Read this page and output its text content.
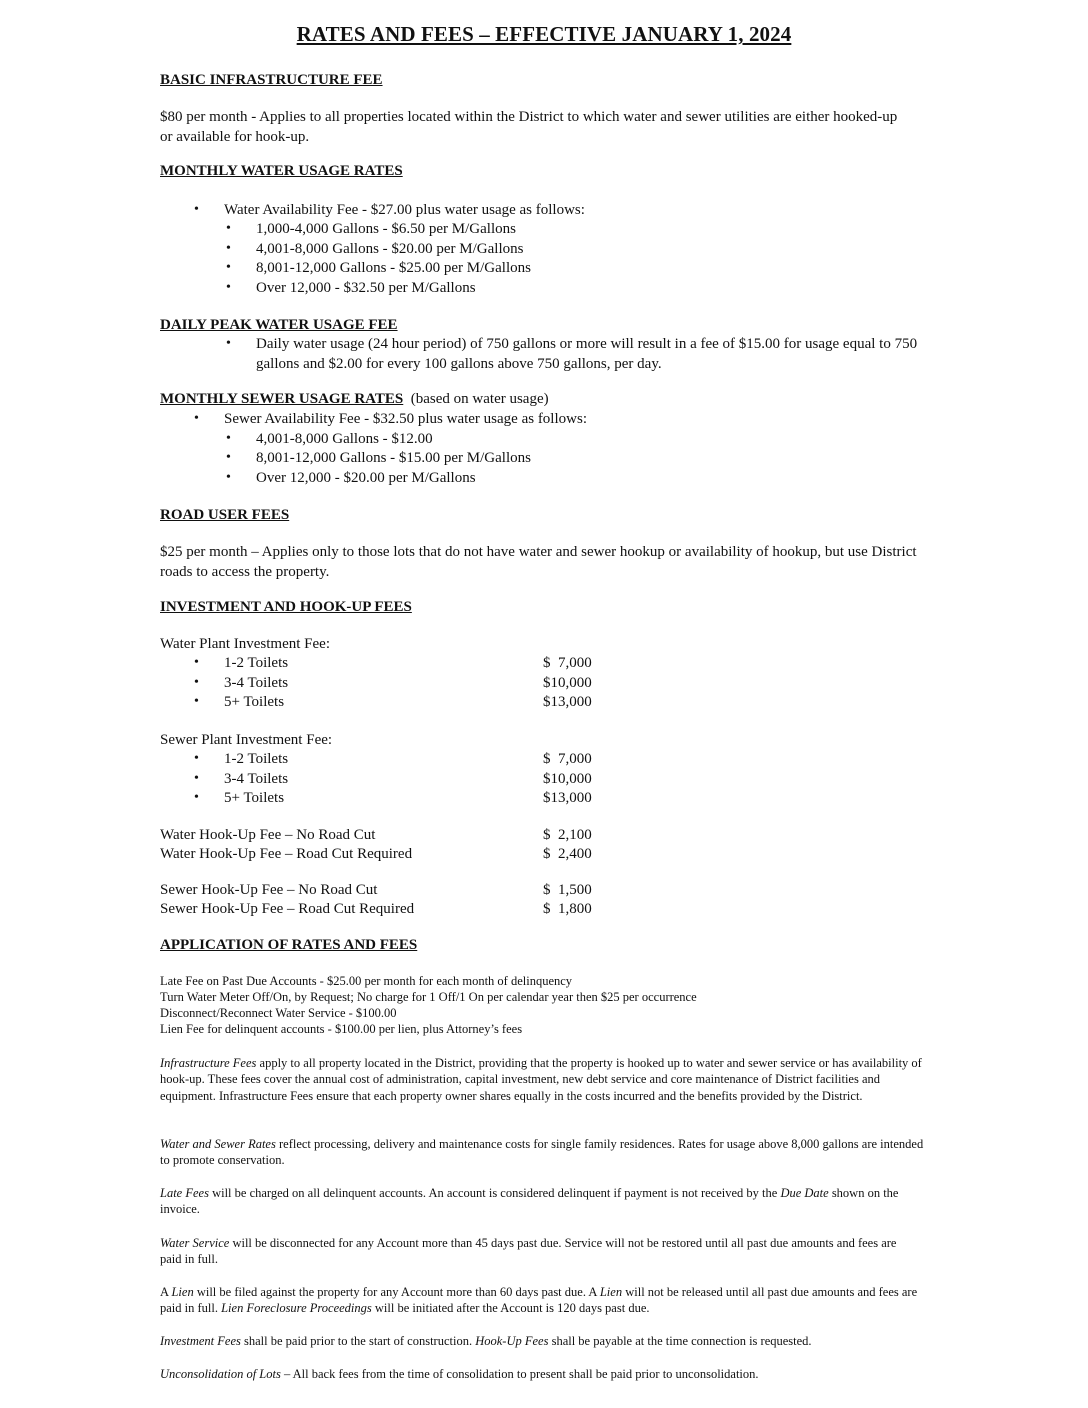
RATES AND FEES – EFFECTIVE JANUARY 1, 2024
BASIC INFRASTRUCTURE FEE
$80 per month - Applies to all properties located within the District to which water and sewer utilities are either hooked-up or available for hook-up.
MONTHLY WATER USAGE RATES
• Water Availability Fee - $27.00 plus water usage as follows:
• 1,000-4,000 Gallons - $6.50 per M/Gallons
• 4,001-8,000 Gallons - $20.00 per M/Gallons
• 8,001-12,000 Gallons - $25.00 per M/Gallons
• Over 12,000 - $32.50 per M/Gallons
DAILY PEAK WATER USAGE FEE
• Daily water usage (24 hour period) of 750 gallons or more will result in a fee of $15.00 for usage equal to 750 gallons and $2.00 for every 100 gallons above 750 gallons, per day.
MONTHLY SEWER USAGE RATES (based on water usage)
• Sewer Availability Fee - $32.50 plus water usage as follows:
• 4,001-8,000 Gallons - $12.00
• 8,001-12,000 Gallons - $15.00 per M/Gallons
• Over 12,000 - $20.00 per M/Gallons
ROAD USER FEES
$25 per month – Applies only to those lots that do not have water and sewer hookup or availability of hookup, but use District roads to access the property.
INVESTMENT AND HOOK-UP FEES
Water Plant Investment Fee:
• 1-2 Toilets	$  7,000
• 3-4 Toilets	$10,000
• 5+ Toilets	$13,000
Sewer Plant Investment Fee:
• 1-2 Toilets	$  7,000
• 3-4 Toilets	$10,000
• 5+ Toilets	$13,000
Water Hook-Up Fee – No Road Cut	$  2,100
Water Hook-Up Fee – Road Cut Required	$  2,400
Sewer Hook-Up Fee – No Road Cut	$  1,500
Sewer Hook-Up Fee – Road Cut Required	$  1,800
APPLICATION OF RATES AND FEES
Late Fee on Past Due Accounts - $25.00 per month for each month of delinquency
Turn Water Meter Off/On, by Request; No charge for 1 Off/1 On per calendar year then $25 per occurrence
Disconnect/Reconnect Water Service - $100.00
Lien Fee for delinquent accounts - $100.00 per lien, plus Attorney’s fees
Infrastructure Fees apply to all property located in the District, providing that the property is hooked up to water and sewer service or has availability of hook-up. These fees cover the annual cost of administration, capital investment, new debt service and core maintenance of District facilities and equipment. Infrastructure Fees ensure that each property owner shares equally in the costs incurred and the benefits provided by the District.
Water and Sewer Rates reflect processing, delivery and maintenance costs for single family residences. Rates for usage above 8,000 gallons are intended to promote conservation.
Late Fees will be charged on all delinquent accounts. An account is considered delinquent if payment is not received by the Due Date shown on the invoice.
Water Service will be disconnected for any Account more than 45 days past due. Service will not be restored until all past due amounts and fees are paid in full.
A Lien will be filed against the property for any Account more than 60 days past due. A Lien will not be released until all past due amounts and fees are paid in full. Lien Foreclosure Proceedings will be initiated after the Account is 120 days past due.
Investment Fees shall be paid prior to the start of construction. Hook-Up Fees shall be payable at the time connection is requested.
Unconsolidation of Lots – All back fees from the time of consolidation to present shall be paid prior to unconsolidation.
